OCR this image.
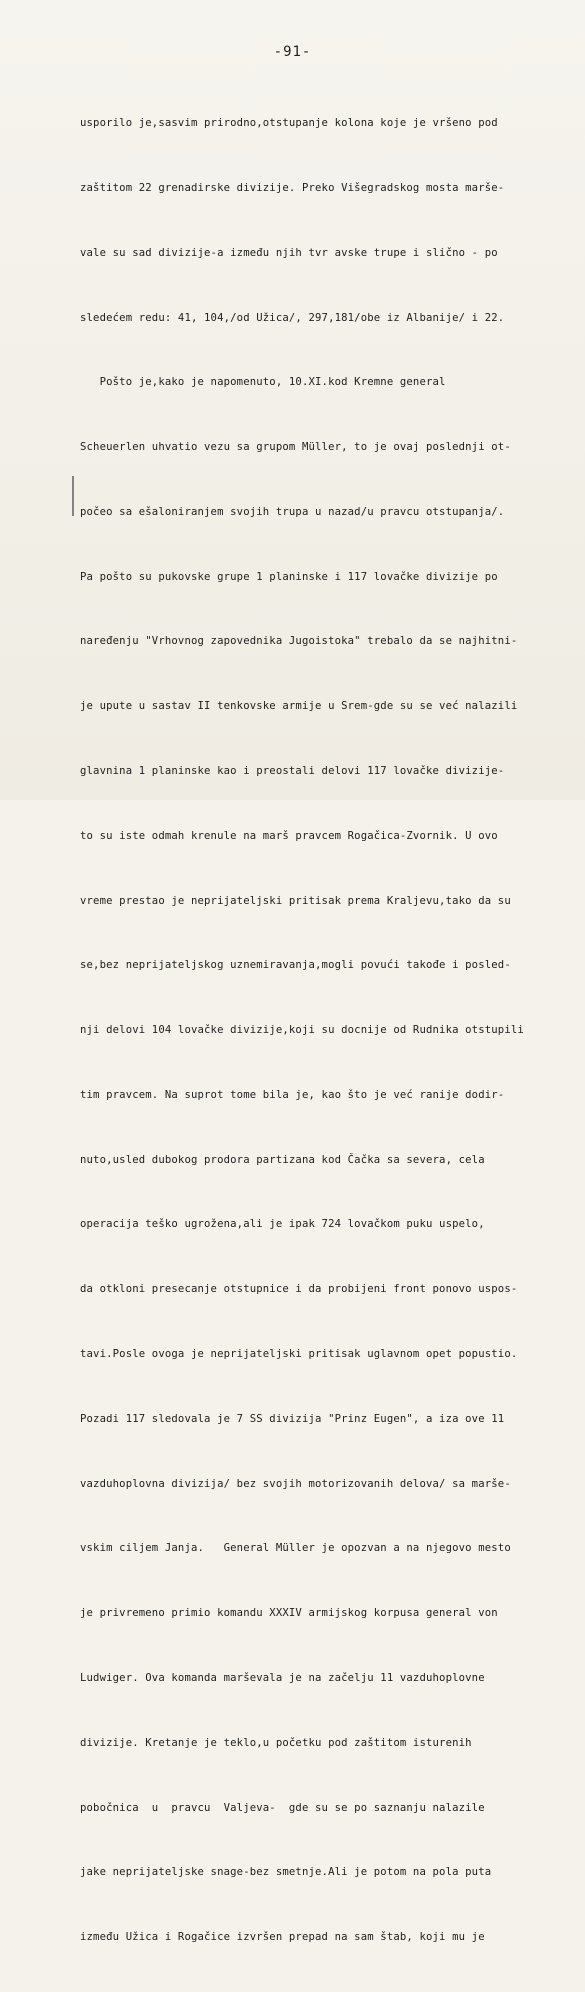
-91-

usporilo je,sasvim prirodno,otstupanje kolona koje je vršeno pod

zaštitom 22 grenadirske divizije. Preko Višegradskog mosta marše-

vale su sad divizije-a između njih tvr avske trupe i slično - po

sledećem redu: 41, 104,/od Užica/, 297,181/obe iz Albanije/ i 22.

Pošto je,kako je napomenuto, 10.XI.kod Kremne general

Scheuerlen uhvatio vezu sa grupom Müller, to je ovaj poslednji ot-

počeo sa ešaloniranjem svojih trupa u nazad/u pravcu otstupanja/.

Pa pošto su pukovske grupe 1 planinske i 117 lovačke divizije po

naređenju "Vrhovnog zapovednika Jugoistoka" trebalo da se najhitni-

je upute u sastav II tenkovske armije u Srem-gde su se već nalazili

glavnina 1 planinske kao i preostali delovi 117 lovačke divizije-

to su iste odmah krenule na marš pravcem Rogačica-Zvornik. U ovo

vreme prestao je neprijateljski pritisak prema Kraljevu,tako da su

se,bez neprijateljskog uznemiravanja,mogli povući takođe i posled-

nji delovi 104 lovačke divizije,koji su docnije od Rudnika otstupili

tim pravcem. Na suprot tome bila je, kao što je već ranije dodir-

nuto,usled dubokog prodora partizana kod Čačka sa severa, cela

operacija teško ugrožena,ali je ipak 724 lovačkom puku uspelo,

da otkloni presecanje otstupnice i da probijeni front ponovo uspos-

tavi.Posle ovoga je neprijateljski pritisak uglavnom opet popustio.

Pozadi 117 sledovala je 7 SS divizija "Prinz Eugen", a iza ove 11

vazduhoplovna divizija/ bez svojih motorizovanih delova/ sa marše-

vskim ciljem Janja.   General Müller je opozvan a na njegovo mesto

je privremeno primio komandu XXXIV armijskog korpusa general von

Ludwiger. Ova komanda marševala je na začelju 11 vazduhoplovne

divizije. Kretanje je teklo,u početku pod zaštitom isturenih

pobočnica  u  pravcu  Valjeva-  gde su se po saznanju nalazile

jake neprijateljske snage-bez smetnje.Ali je potom na pola puta

između Užica i Rogačice izvršen prepad na sam štab, koji mu je
